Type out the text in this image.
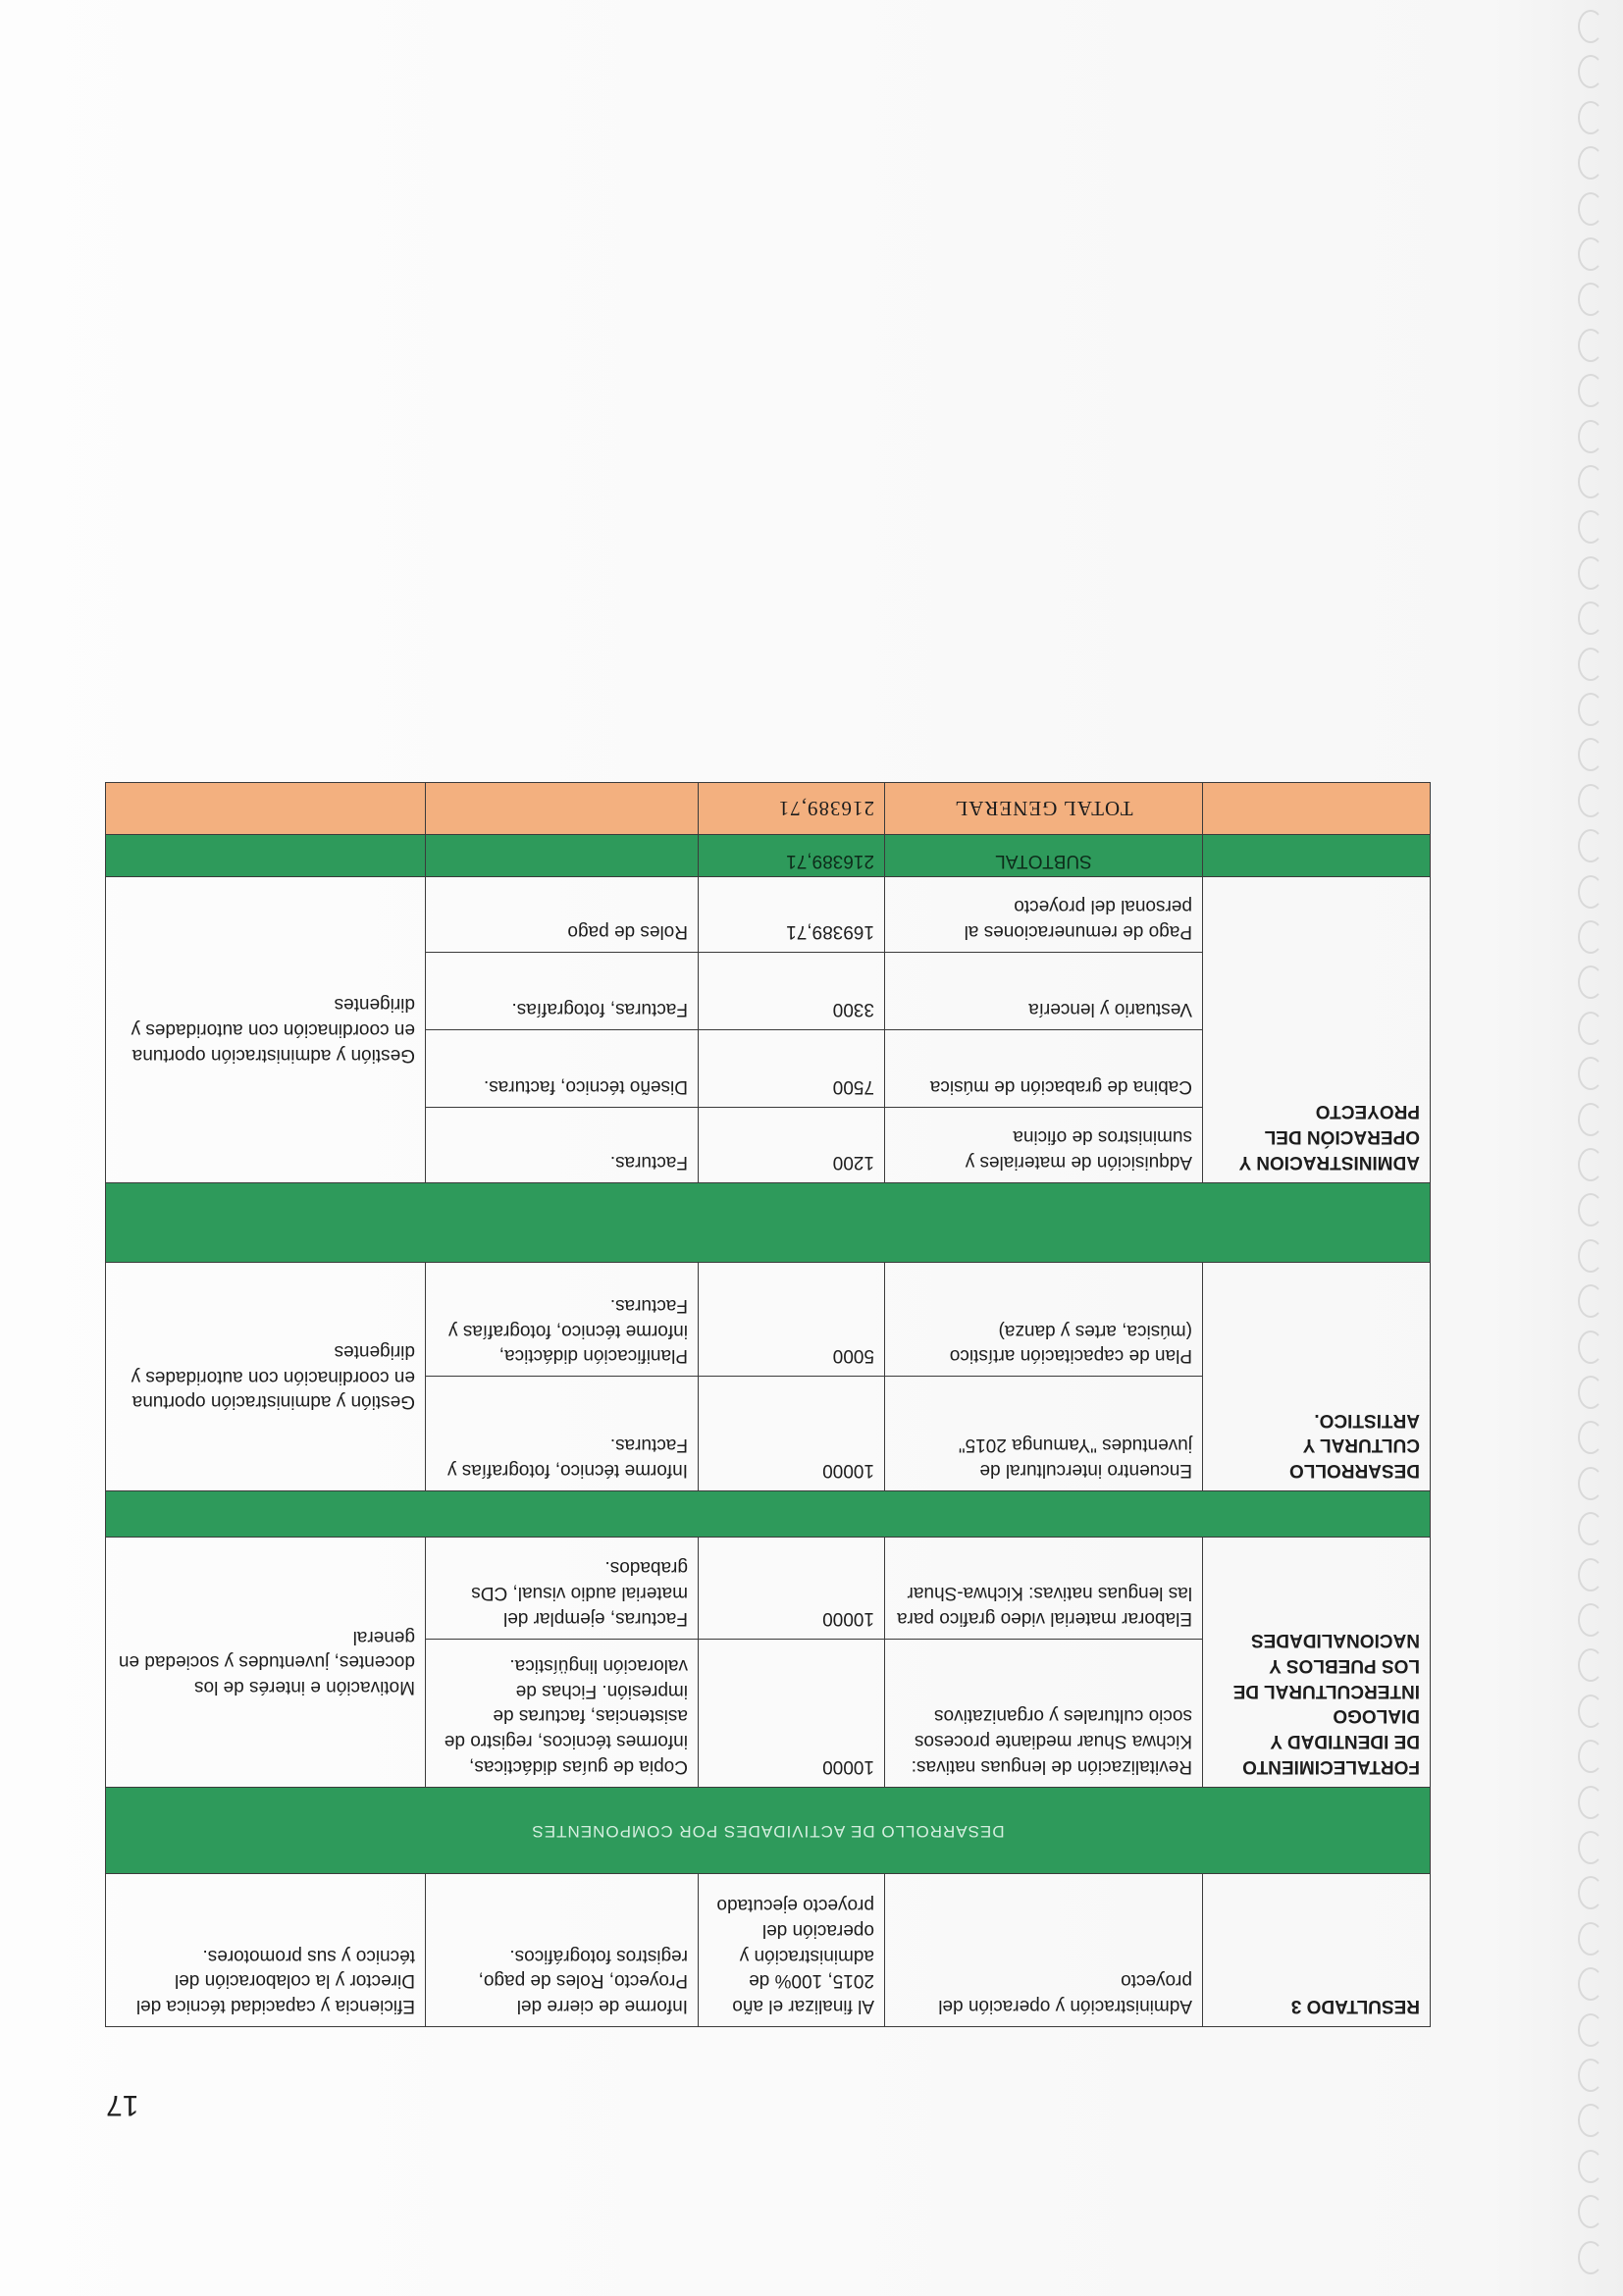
17
RESULTADO 3	Administración y operación del proyecto	Al finalizar el año 2015, 100% de administración y operación del proyecto ejecutado	Informe de cierre del Proyecto, Roles de pago, registros fotográficos.	Eficiencia y capacidad técnica del Director y la colaboración del técnico y sus promotores.
DESARROLLO DE ACTIVIDADES POR COMPONENTES				
FORTALECIMIENTO DE IDENTIDAD Y DIALOGO INTERCULTURAL DE LOS PUEBLOS Y NACIONALIDADES	Revitalización de lenguas nativas: Kichwa Shuar mediante procesos socio culturales y organizativos	10000	Copia de guías didácticas, informes técnicos, registro de asistencias, facturas de impresión. Fichas de valoración lingüística.	Motivación e interés de los docentes, juventudes y sociedad en general
	Elaborar material video grafico para las lenguas nativas: Kichwa-Shuar	10000	Facturas, ejemplar del material audio visual, CDs grabados.	

DESARROLLO CULTURAL Y ARTISTICO.	Encuentro intercultural de juventudes "Yamunga 2015"	10000	Informe técnico, fotografías y Facturas.	Gestión y administración oportuna en coordinación con autoridades y dirigentes
	Plan de capacitación artístico (música, artes y danza)	5000	Planificación didáctica, informe técnico, fotografías y Facturas.	

ADMINISTRACION Y OPERACIÓN DEL PROYECTO	Adquisición de materiales y suministros de oficina	1200	Facturas.	Gestión y administración oportuna en coordinación con autoridades y dirigentes
	Cabina de grabación de música	7500	Diseño técnico, facturas.	
	Vestuario y lencería	3300	Facturas, fotografías.	
	Pago de remuneraciones al personal del proyecto	169389,71	Roles de pago	
	SUBTOTAL	216389,71		
	TOTAL GENERAL	216389,71		
